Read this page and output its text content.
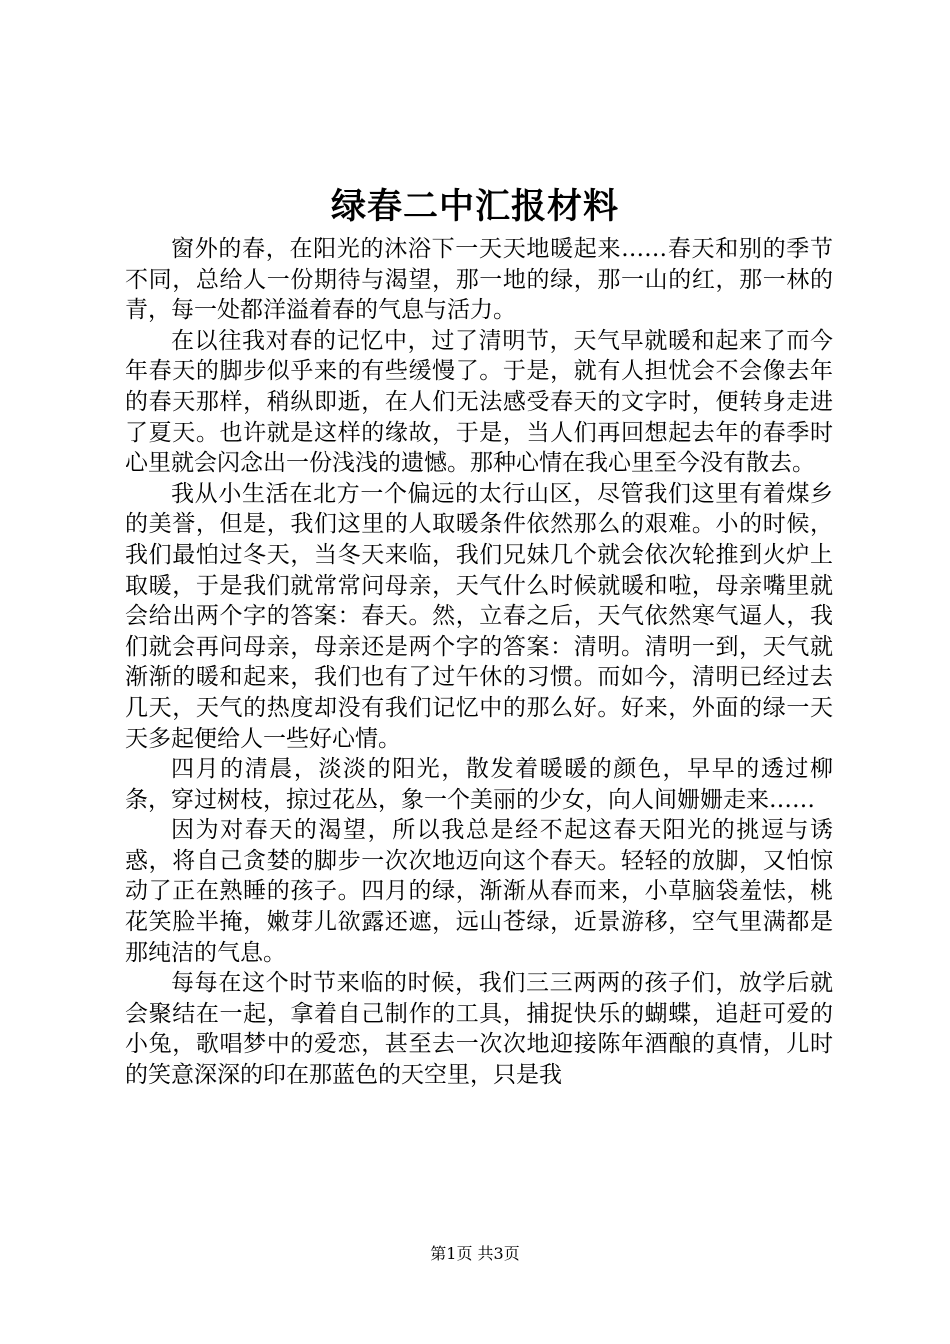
绿春二中汇报材料

窗外的春，在阳光的沐浴下一天天地暖起来……春天和别的季节不同，总给人一份期待与渴望，那一地的绿，那一山的红，那一林的青，每一处都洋溢着春的气息与活力。

在以往我对春的记忆中，过了清明节，天气早就暖和起来了而今年春天的脚步似乎来的有些缓慢了。于是，就有人担忧会不会像去年的春天那样，稍纵即逝，在人们无法感受春天的文字时，便转身走进了夏天。也许就是这样的缘故，于是，当人们再回想起去年的春季时心里就会闪念出一份浅浅的遗憾。那种心情在我心里至今没有散去。

我从小生活在北方一个偏远的太行山区，尽管我们这里有着煤乡的美誉，但是，我们这里的人取暖条件依然那么的艰难。小的时候，我们最怕过冬天，当冬天来临，我们兄妹几个就会依次轮推到火炉上取暖，于是我们就常常问母亲，天气什么时候就暖和啦，母亲嘴里就会给出两个字的答案：春天。然，立春之后，天气依然寒气逼人，我们就会再问母亲，母亲还是两个字的答案：清明。清明一到，天气就渐渐的暖和起来，我们也有了过午休的习惯。而如今，清明已经过去几天，天气的热度却没有我们记忆中的那么好。好来，外面的绿一天天多起便给人一些好心情。

四月的清晨，淡淡的阳光，散发着暖暖的颜色，早早的透过柳条，穿过树枝，掠过花丛，象一个美丽的少女，向人间姗姗走来……

因为对春天的渴望，所以我总是经不起这春天阳光的挑逗与诱惑，将自己贪婪的脚步一次次地迈向这个春天。轻轻的放脚，又怕惊动了正在熟睡的孩子。四月的绿，渐渐从春而来，小草脑袋羞怯，桃花笑脸半掩，嫩芽儿欲露还遮，远山苍绿，近景游移，空气里满都是那纯洁的气息。

每每在这个时节来临的时候，我们三三两两的孩子们，放学后就会聚结在一起，拿着自己制作的工具，捕捉快乐的蝴蝶，追赶可爱的小兔，歌唱梦中的爱恋，甚至去一次次地迎接陈年酒酿的真情，儿时的笑意深深的印在那蓝色的天空里，只是我

第1页 共3页
